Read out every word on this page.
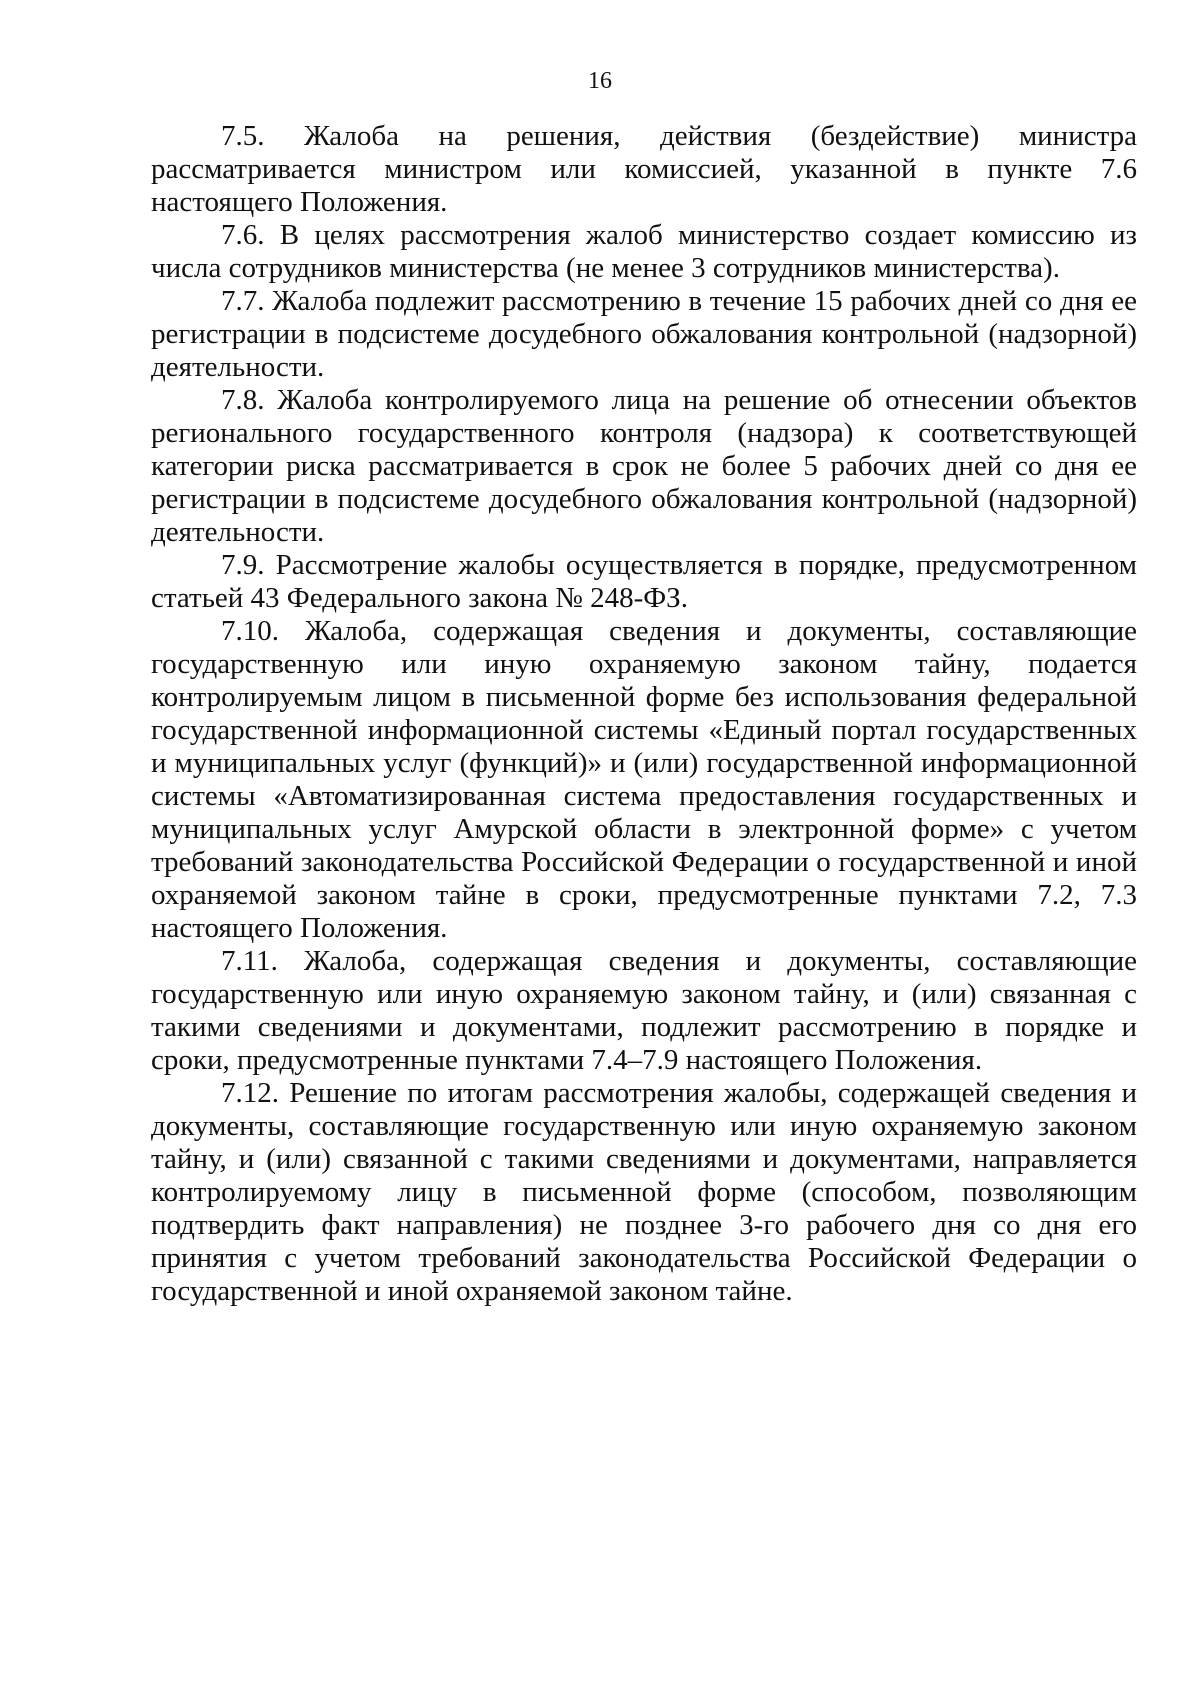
16

7.5. Жалоба на решения, действия (бездействие) министра рассматривается министром или комиссией, указанной в пункте 7.6 настоящего Положения.

7.6. В целях рассмотрения жалоб министерство создает комиссию из числа сотрудников министерства (не менее 3 сотрудников министерства).

7.7. Жалоба подлежит рассмотрению в течение 15 рабочих дней со дня ее регистрации в подсистеме досудебного обжалования контрольной (надзорной) деятельности.

7.8. Жалоба контролируемого лица на решение об отнесении объектов регионального государственного контроля (надзора) к соответствующей категории риска рассматривается в срок не более 5 рабочих дней со дня ее регистрации в подсистеме досудебного обжалования контрольной (надзорной) деятельности.

7.9. Рассмотрение жалобы осуществляется в порядке, предусмотренном статьей 43 Федерального закона № 248-ФЗ.

7.10. Жалоба, содержащая сведения и документы, составляющие государственную или иную охраняемую законом тайну, подается контролируемым лицом в письменной форме без использования федеральной государственной информационной системы «Единый портал государственных и муниципальных услуг (функций)» и (или) государственной информационной системы «Автоматизированная система предоставления государственных и муниципальных услуг Амурской области в электронной форме» с учетом требований законодательства Российской Федерации о государственной и иной охраняемой законом тайне в сроки, предусмотренные пунктами 7.2, 7.3 настоящего Положения.

7.11. Жалоба, содержащая сведения и документы, составляющие государственную или иную охраняемую законом тайну, и (или) связанная с такими сведениями и документами, подлежит рассмотрению в порядке и сроки, предусмотренные пунктами 7.4–7.9 настоящего Положения.

7.12. Решение по итогам рассмотрения жалобы, содержащей сведения и документы, составляющие государственную или иную охраняемую законом тайну, и (или) связанной с такими сведениями и документами, направляется контролируемому лицу в письменной форме (способом, позволяющим подтвердить факт направления) не позднее 3-го рабочего дня со дня его принятия с учетом требований законодательства Российской Федерации о государственной и иной охраняемой законом тайне.
